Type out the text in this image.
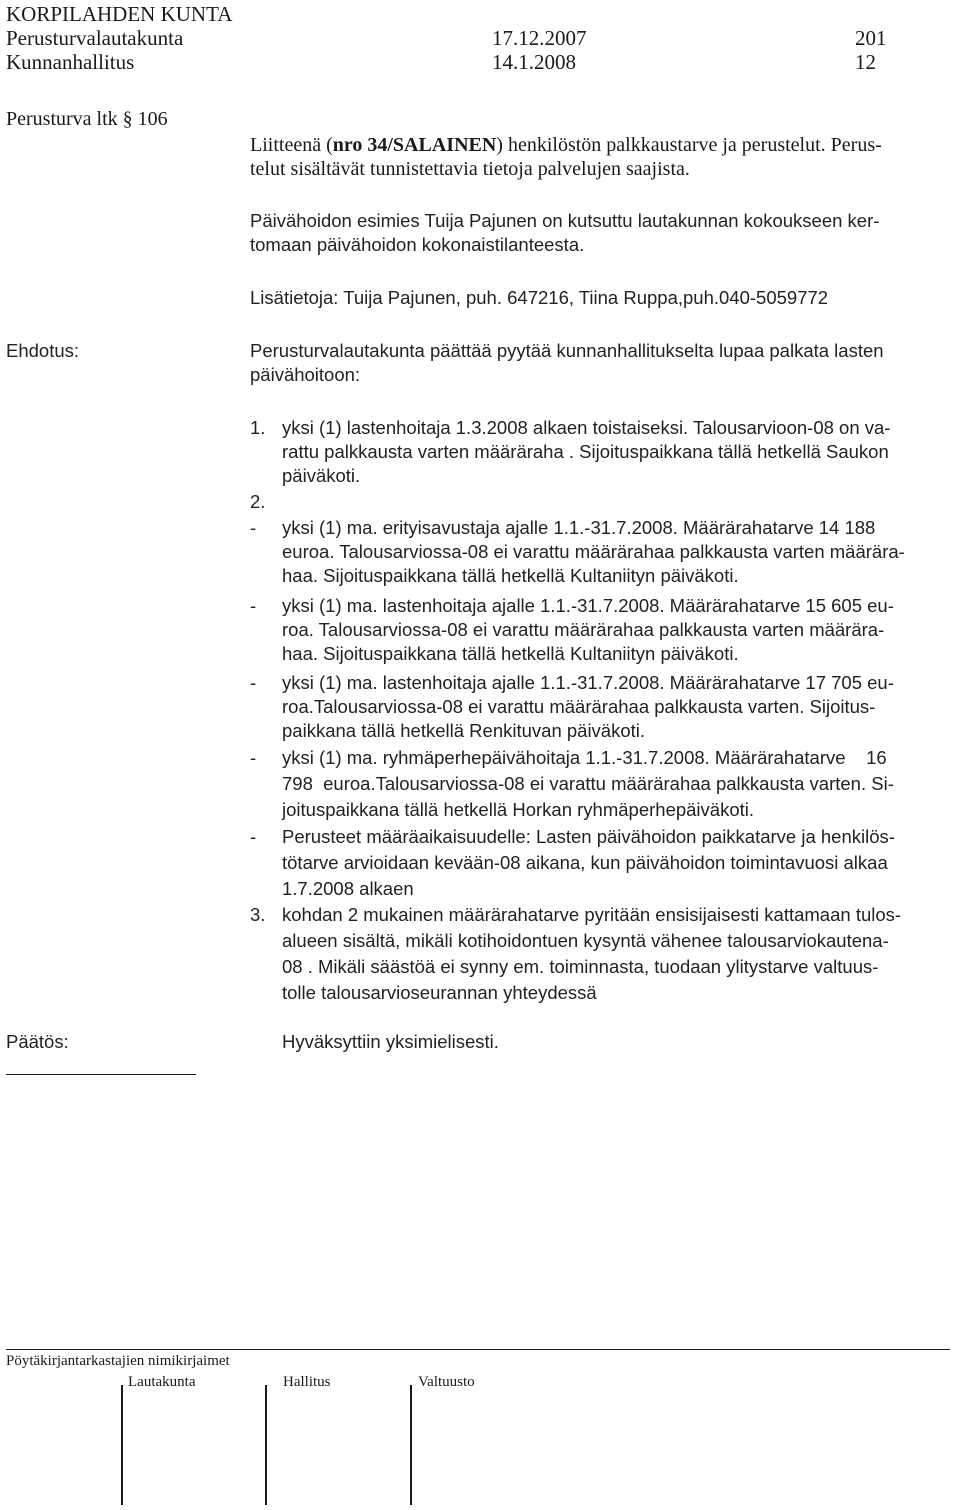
KORPILAHDEN KUNTA
Perusturvalautakunta	17.12.2007	201
Kunnanhallitus	14.1.2008	12
Perusturva ltk § 106
Liitteenä (nro 34/SALAINEN) henkilöstön palkkaustarve ja perustelut. Perus-
telut sisältävät tunnistettavia tietoja palvelujen saajista.
Päivähoidon esimies Tuija Pajunen on kutsuttu lautakunnan kokoukseen ker-
tomaan päivähoidon kokonaistilanteesta.
Lisätietoja: Tuija Pajunen, puh. 647216, Tiina Ruppa,puh.040-5059772
Ehdotus:	Perusturvalautakunta päättää pyytää kunnanhallitukselta lupaa palkata lasten
päivähoitoon:
1. yksi (1) lastenhoitaja 1.3.2008 alkaen toistaiseksi. Talousarvioon-08 on va-
rattu palkkausta varten määräraha . Sijoituspaikkana tällä hetkellä Saukon
päiväkoti.
2.
- yksi (1) ma. erityisavustaja ajalle 1.1.-31.7.2008. Määrärahatarve 14 188
euroa. Talousarviossa-08 ei varattu määrärahaa palkkausta varten määrära-
haa. Sijoituspaikkana tällä hetkellä Kultaniityn päiväkoti.
- yksi (1) ma. lastenhoitaja ajalle 1.1.-31.7.2008. Määrärahatarve 15 605 eu-
roa. Talousarviossa-08 ei varattu määrärahaa palkkausta varten määrära-
haa. Sijoituspaikkana tällä hetkellä Kultaniityn päiväkoti.
- yksi (1) ma. lastenhoitaja ajalle 1.1.-31.7.2008. Määrärahatarve 17 705 eu-
roa.Talousarviossa-08 ei varattu määrärahaa palkkausta varten. Sijoitus-
paikkana tällä hetkellä Renkituvan päiväkoti.
- yksi (1) ma. ryhmäperhepäivähoitaja 1.1.-31.7.2008. Määrärahatarve    16
798  euroa.Talousarviossa-08 ei varattu määrärahaa palkkausta varten. Si-
joituspaikkana tällä hetkellä Horkan ryhmäperhepäiväkoti.
- Perusteet määräaikaisuudelle: Lasten päivähoidon paikkatarve ja henkilös-
tötarve arvioidaan kevään-08 aikana, kun päivähoidon toimintavuosi alkaa
1.7.2008 alkaen
3. kohdan 2 mukainen määrärahatarve pyritään ensisijaisesti kattamaan tulos-
alueen sisältä, mikäli kotihoidontuen kysyntä vähenee talousarviokautena-
08 . Mikäli säästöä ei synny em. toiminnasta, tuodaan ylitystarve valtuus-
tolle talousarvioseurannan yhteydessä
Päätös:	Hyväksyttiin yksimielisesti.
Pöytäkirjantarkastajien nimikirjaimet
Lautakunta	Hallitus	Valtuusto
